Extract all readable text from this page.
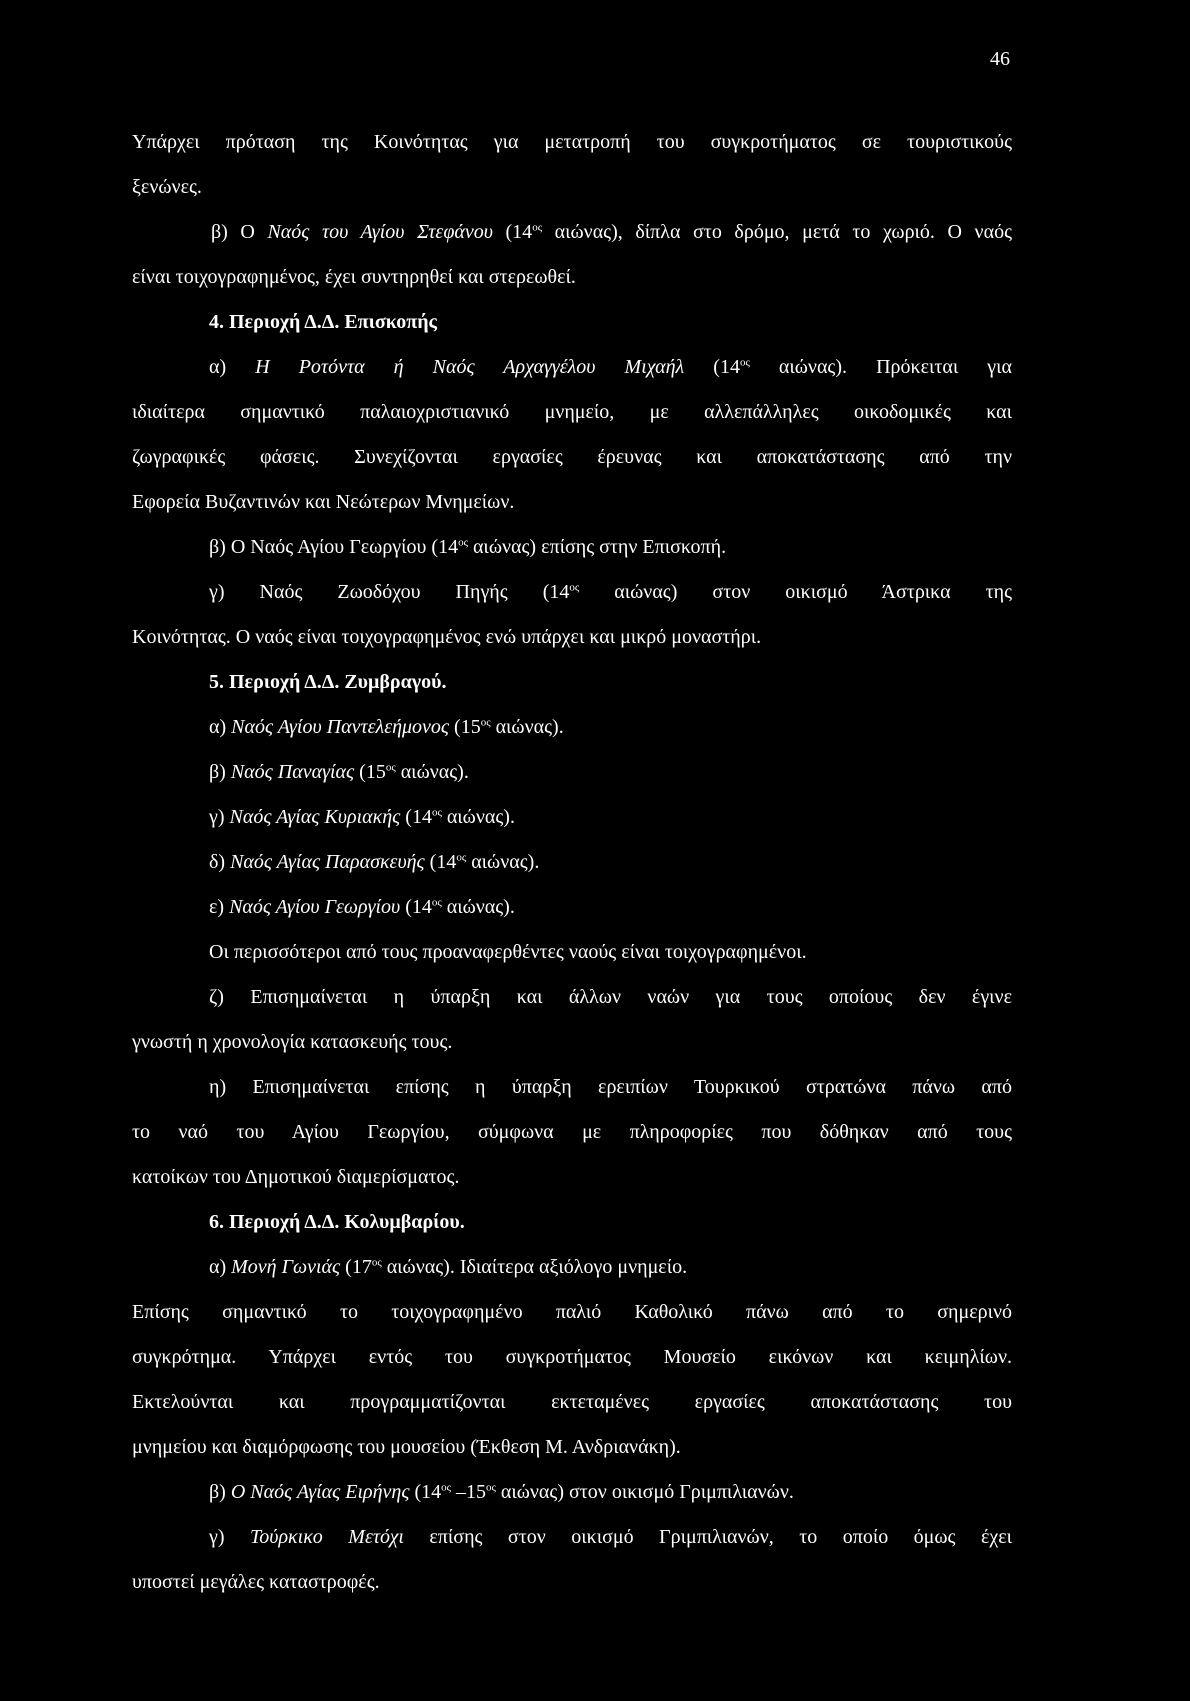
46
Υπάρχει πρόταση της Κοινότητας για μετατροπή του συγκροτήματος σε τουριστικούς
ξενώνες.
β) Ο Ναός του Αγίου Στεφάνου ($14^{o\varsigma}$ αιώνας), δίπλα στο δρόμο, μετά το χωριό. Ο ναός
είναι τοιχογραφημένος, έχει συντηρηθεί και στερεωθεί.
4. Περιοχή Δ.Δ. Επισκοπής
α) Η Ροτόντα ή Ναός Αρχαγγέλου Μιχαήλ ($14^{o\varsigma}$ αιώνας). Πρόκειται για
ιδιαίτερα σημαντικό παλαιοχριστιανικό μνημείο, με αλλεπάλληλες οικοδομικές και
ζωγραφικές φάσεις. Συνεχίζονται εργασίες έρευνας και αποκατάστασης από την
Εφορεία Βυζαντινών και Νεώτερων Μνημείων.
β) Ο Ναός Αγίου Γεωργίου ($14^{o\varsigma}$ αιώνας) επίσης στην Επισκοπή.
γ) Ναός Ζωοδόχου Πηγής ($14^{o\varsigma}$ αιώνας) στον οικισμό Άστρικα της
Κοινότητας. Ο ναός είναι τοιχογραφημένος ενώ υπάρχει και μικρό μοναστήρι.
5. Περιοχή Δ.Δ. Ζυμβραγού.
α) Ναός Αγίου Παντελεήμονος ($15^{o\varsigma}$ αιώνας).
β) Ναός Παναγίας ($15^{o\varsigma}$ αιώνας).
γ) Ναός Αγίας Κυριακής ($14^{o\varsigma}$ αιώνας).
δ) Ναός Αγίας Παρασκευής ($14^{o\varsigma}$ αιώνας).
ε) Ναός Αγίου Γεωργίου ($14^{o\varsigma}$ αιώνας).
Οι περισσότεροι από τους προαναφερθέντες ναούς είναι τοιχογραφημένοι.
ζ) Επισημαίνεται η ύπαρξη και άλλων ναών για τους οποίους δεν έγινε
γνωστή η χρονολογία κατασκευής τους.
η) Επισημαίνεται επίσης η ύπαρξη ερειπίων Τουρκικού στρατώνα πάνω από
το ναό του Αγίου Γεωργίου, σύμφωνα με πληροφορίες που δόθηκαν από τους
κατοίκων του Δημοτικού διαμερίσματος.
6. Περιοχή Δ.Δ. Κολυμβαρίου.
α) Μονή Γωνιάς ($17^{o\varsigma}$ αιώνας). Ιδιαίτερα αξιόλογο μνημείο.
Επίσης σημαντικό το τοιχογραφημένο παλιό Καθολικό πάνω από το σημερινό
συγκρότημα. Υπάρχει εντός του συγκροτήματος Μουσείο εικόνων και κειμηλίων.
Εκτελούνται και προγραμματίζονται εκτεταμένες εργασίες αποκατάστασης του
μνημείου και διαμόρφωσης του μουσείου (Έκθεση Μ. Ανδριανάκη).
β) Ο Ναός Αγίας Ειρήνης ($14^{o\varsigma}$ $-15^{o\varsigma}$ αιώνας) στον οικισμό Γριμπιλιανών.
γ) Τούρκικο Μετόχι επίσης στον οικισμό Γριμπιλιανών, το οποίο όμως έχει
υποστεί μεγάλες καταστροφές.
